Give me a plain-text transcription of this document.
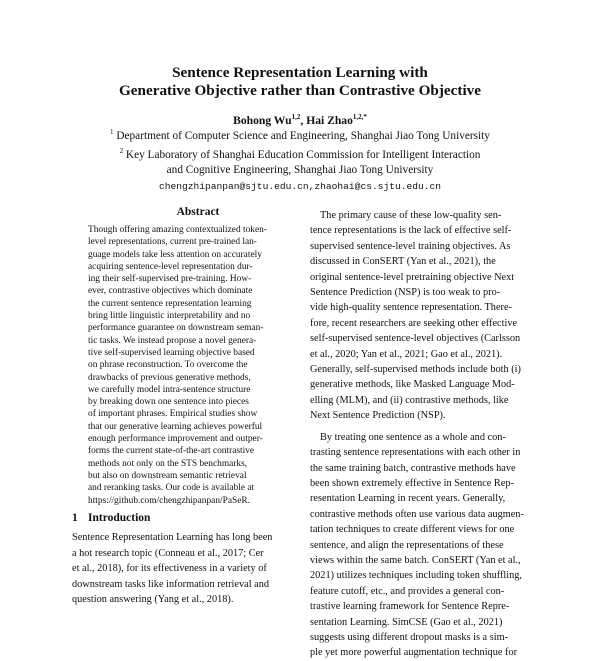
Sentence Representation Learning with
Generative Objective rather than Contrastive Objective
Bohong Wu$^{1,2}$, Hai Zhao$^{1,2,*}$
$^1$ Department of Computer Science and Engineering, Shanghai Jiao Tong University
$^2$ Key Laboratory of Shanghai Education Commission for Intelligent Interaction
and Cognitive Engineering, Shanghai Jiao Tong University
chengzhipanpan@sjtu.edu.cn,zhaohai@cs.sjtu.edu.cn
Abstract
Though offering amazing contextualized token-
level representations, current pre-trained lan-
guage models take less attention on accurately
acquiring sentence-level representation dur-
ing their self-supervised pre-training. How-
ever, contrastive objectives which dominate
the current sentence representation learning
bring little linguistic interpretability and no
performance guarantee on downstream seman-
tic tasks. We instead propose a novel genera-
tive self-supervised learning objective based
on phrase reconstruction. To overcome the
drawbacks of previous generative methods,
we carefully model intra-sentence structure
by breaking down one sentence into pieces
of important phrases. Empirical studies show
that our generative learning achieves powerful
enough performance improvement and outper-
forms the current state-of-the-art contrastive
methods not only on the STS benchmarks,
but also on downstream semantic retrieval
and reranking tasks. Our code is available at
https://github.com/chengzhipanpan/PaSeR.
1 Introduction
Sentence Representation Learning has long been
a hot research topic (Conneau et al., 2017; Cer
et al., 2018), for its effectiveness in a variety of
downstream tasks like information retrieval and
question answering (Yang et al., 2018).
The primary cause of these low-quality sen-
tence representations is the lack of effective self-
supervised sentence-level training objectives. As
discussed in ConSERT (Yan et al., 2021), the
original sentence-level pretraining objective Next
Sentence Prediction (NSP) is too weak to pro-
vide high-quality sentence representation. There-
fore, recent researchers are seeking other effective
self-supervised sentence-level objectives (Carlsson
et al., 2020; Yan et al., 2021; Gao et al., 2021).
Generally, self-supervised methods include both (i)
generative methods, like Masked Language Mod-
elling (MLM), and (ii) contrastive methods, like
Next Sentence Prediction (NSP).
By treating one sentence as a whole and con-
trasting sentence representations with each other in
the same training batch, contrastive methods have
been shown extremely effective in Sentence Rep-
resentation Learning in recent years. Generally,
contrastive methods often use various data augmen-
tation techniques to create different views for one
sentence, and align the representations of these
views within the same batch. ConSERT (Yan et al.,
2021) utilizes techniques including token shuffling,
feature cutoff, etc., and provides a general con-
trastive learning framework for Sentence Repre-
sentation Learning. SimCSE (Gao et al., 2021)
suggests using different dropout masks is a sim-
ple yet more powerful augmentation technique for
